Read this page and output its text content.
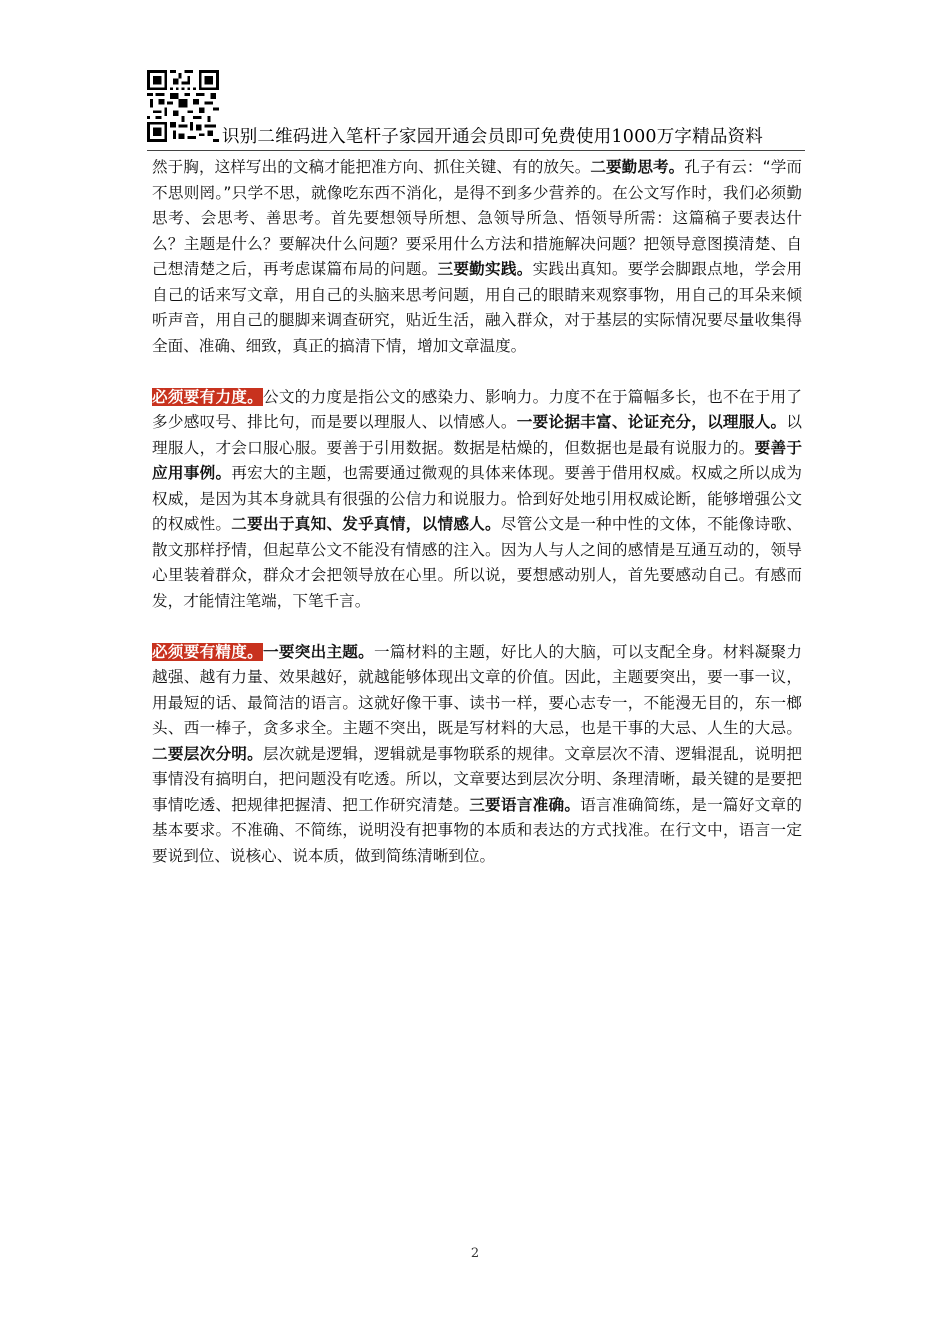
识别二维码进入笔杆子家园开通会员即可免费使用1000万字精品资料

然于胸，这样写出的文稿才能把准方向、抓住关键、有的放矢。二要勤思考。孔子有云：“学而不思则罔。”只学不思，就像吃东西不消化，是得不到多少营养的。在公文写作时，我们必须勤思考、会思考、善思考。首先要想领导所想、急领导所急、悟领导所需：这篇稿子要表达什么？主题是什么？要解决什么问题？要采用什么方法和措施解决问题？把领导意图摸清楚、自己想清楚之后，再考虑谋篇布局的问题。三要勤实践。实践出真知。要学会脚跟点地，学会用自己的话来写文章，用自己的头脑来思考问题，用自己的眼睛来观察事物，用自己的耳朵来倾听声音，用自己的腿脚来调查研究，贴近生活，融入群众，对于基层的实际情况要尽量收集得全面、准确、细致，真正的搞清下情，增加文章温度。

必须要有力度。公文的力度是指公文的感染力、影响力。力度不在于篇幅多长，也不在于用了多少感叹号、排比句，而是要以理服人、以情感人。一要论据丰富、论证充分，以理服人。以理服人，才会口服心服。要善于引用数据。数据是枯燥的，但数据也是最有说服力的。要善于应用事例。再宏大的主题，也需要通过微观的具体来体现。要善于借用权威。权威之所以成为权威，是因为其本身就具有很强的公信力和说服力。恰到好处地引用权威论断，能够增强公文的权威性。二要出于真知、发乎真情，以情感人。尽管公文是一种中性的文体，不能像诗歌、散文那样抒情，但起草公文不能没有情感的注入。因为人与人之间的感情是互通互动的，领导心里装着群众，群众才会把领导放在心里。所以说，要想感动别人，首先要感动自己。有感而发，才能情注笔端，下笔千言。

必须要有精度。一要突出主题。一篇材料的主题，好比人的大脑，可以支配全身。材料凝聚力越强、越有力量、效果越好，就越能够体现出文章的价值。因此，主题要突出，要一事一议，用最短的话、最简洁的语言。这就好像干事、读书一样，要心志专一，不能漫无目的，东一榔头、西一棒子，贪多求全。主题不突出，既是写材料的大忌，也是干事的大忌、人生的大忌。二要层次分明。层次就是逻辑，逻辑就是事物联系的规律。文章层次不清、逻辑混乱，说明把事情没有搞明白，把问题没有吃透。所以，文章要达到层次分明、条理清晰，最关键的是要把事情吃透、把规律把握清、把工作研究清楚。三要语言准确。语言准确简练，是一篇好文章的基本要求。不准确、不简练，说明没有把事物的本质和表达的方式找准。在行文中，语言一定要说到位、说核心、说本质，做到简练清晰到位。

2
